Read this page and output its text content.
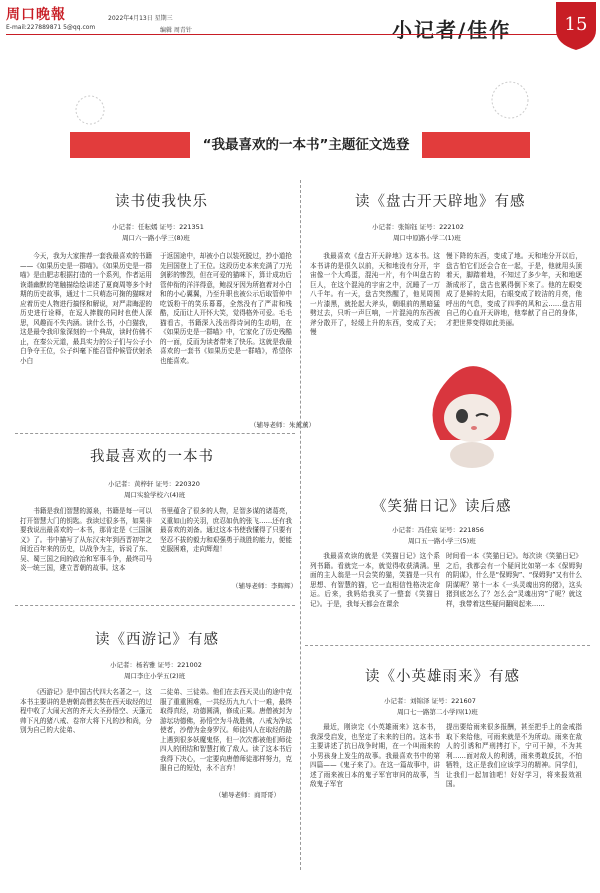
周口晚報
E-mail:227889871 5@qq.com
2022年4月13日 星期三
编辑 周青针	小记者/佳作	15
“我最喜欢的一本书”主题征文选登
读书使我快乐
小记者：任耘嫣 证号：221351
周口六一路小学三(8)班

今天，我为大家推荐一套我最喜欢的书籍——《如果历史是一群喵》。《如果历史是一群喵》是由肥志根据打造的一个系列，作者运用诙谐幽默的笔触描绘绘讲述了夏商周等多个时期的历史故事，通过十二只萌态可掬的猫咪对应着历史人物进行搞怪和解说，对严肃晦涩的历史进行诠释，在逗人捧腹的同时也使人深思，风趣而不失内涵。读什么书，小白猫我，这是最令我印象深刻的一个典故，读时仿佛不止，在秦公元道，最具实力的公子们与公子小白争夺王位，公子纠毫下能召管仲候管伏射杀小白

于返国途中，却被小白以装死脱过，抄小道抢先回国登上了王位。这段历史本来充满了刀光剑影的惨烈，但在可爱的猫咪下，算计成功后管仲衔的洋洋得意，鲍叔牙因为所抱着对小白和的小心翼翼，乃至升职也被公示后取管仲中吃饭粉干的笑乐幕幕，全然没有了严肃和残酷，反而让人开怀大笑，觉得格外可爱。毛毛猫看古，书籍深入浅出得诗词的生动明，在《如果历史是一群喵》中，它家化了历史残酷的一面，反而为读者带来了快乐。这就是我最喜欢的一套书《如果历史是一群喵》，希望你也能喜欢。

（辅导老师：朱薰薰）
读《盘古开天辟地》有感
小记者：张锦钰 证号：222102
周口中原路小学二(1)班

我最喜欢《盘古开天辟地》这本书。这本书讲的是很久以前，天和地没有分开，宇宙像一个大鸡蛋，混沌一片，有个叫盘古的巨人，在这个混沌的宇宙之中，沉睡了一万八千年。有一天，盘古突然醒了，他见周围一片漆黑，就抡起大斧头，朝眼前的黑暗猛劈过去，只听一声巨响，一片混沌的东西被斧分散开了，轻缓上升的东西，变成了天；慢

慢下降的东西，变成了地。天和地分开以后，盘古怕它们还会合在一起，于是，他就用头顶着天，脚踏着地，不知过了多少年，天和地逐渐成形了，盘古也累得倒下来了。他的左眼变成了是鲜的太阳，右眼变成了皎洁的月亮，他呼出的气息，变成了四季的风和云……盘古用自己的心血开天辟地，他奉献了自己的身体，才把世界变得如此美丽。

我最喜欢的一本书
小记者：黄梓轩 证号：220320
周口实验学校六(4)班

书籍是我们智慧的源泉，书籍是每一可以打开智慧大门的钥匙。我读过很多书，如果非要我说出最喜欢的一本书，那肯定是《三国演义》了。书中描写了从东汉末年到西晋初年之间近百年来的历史，以战争为主，诉说了东、吴、蜀三国之间的政治和军事斗争，最终司马炎一统三国，建立晋朝的故事。这本

书里蕴含了很多的人物，足智多谋的诸葛亮，义重如山的关羽，庶忍如仇的张飞……还有我最喜欢的刘备。通过这本书使我懂得了只要有坚忍不拔的毅力和艰强勇于战胜的能力，便能克服困难，走向辉煌！

（辅导老师：李辉辉）
《笑猫日记》读后感
小记者：冯佳宸 证号：221856
周口五一路小学三(5)班

我最喜欢读的就是《笑猫日记》这个系列书籍。看就完一本，就觉得收获满满。里面的主人翁是一只会笑的猫，笑猫是一只有思想、有智慧的猫，它一直相信性格决定命运。后来，我妈给我买了一整套《笑猫日记》。于是，我每天都会在课余

时间看一本《笑猫日记》。每次读《笑猫日记》之后，我都会有一个疑问比如第一本《保姆狗的阴谋》，什么是“保姆狗”、“保姆狗”又有什么阴谋呢？第十一本《一头灵魂出窍的猪》，这头猪到底怎么了？怎么会“灵魂出窍”了呢？就这样，我带着这些疑问翻阅起来……

读《西游记》有感
小记者：杨若雅 证号：221002
周口李庄小学五(2)班

《西游记》是中国古代四大名著之一，这本书主要讲的是唐朝高僧玄奘在西天取经的过程中收了大闹天宫的齐天大圣孙悟空、天蓬元帅下凡的猪八戒、卷帘大将下凡的沙和尚，分别为自己的大徒弟、

二徒弟、三徒弟。他们在去西天灵山的途中克服了重重困难，一共经历九九八十一难，最终取得真经，功德圆满，修成正果。唐僧被封为游坛功德佛，孙悟空为斗战胜佛，八戒为净坛使者，沙僧为金身罗汉。师徒四人在取经的路上遇到很多妖魔鬼怪，但一次次都被他们师徒四人的团结和智慧打败了敌人。读了这本书后我得下决心，一定要向唐僧师徒那样努力，克服自己的短处，永不言弃！

（辅导老师：商哥哥）
读《小英雄雨来》有感
小记者：刘锦泽 证号：221607
周口七一路第二小学四(1)班

最近，刚读完《小英雄雨来》这本书，我深受启发，也坚定了未来的目的。这本书主要讲述了抗日战争时期，在一个叫雨来的小男孩身上发生的故事。我最喜欢书中的第四篇——《鬼子来了》。在这一篇故事中，讲述了雨来被日本的鬼子军官审问的故事，当敌鬼子军官

提出要给雨来很多报酬，甚至把手上的金戒指取下来给他，可雨来就是不为所动。雨来在敌人的引诱和严刑拷打下，宁可干掉，不为其利……面对敌人的利诱，雨来勇敢反抗，不怕牺牲，这正是我们应该学习的精神。同学们，让我们一起加油吧！好好学习，将来报效祖国。
